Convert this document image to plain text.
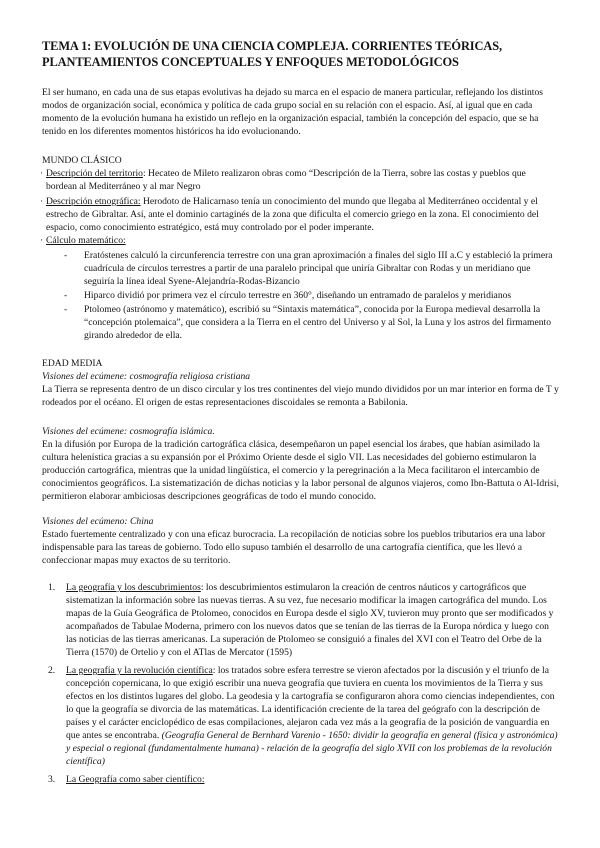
TEMA 1: EVOLUCIÓN DE UNA CIENCIA COMPLEJA. CORRIENTES TEÓRICAS, PLANTEAMIENTOS CONCEPTUALES Y ENFOQUES METODOLÓGICOS

El ser humano, en cada una de sus etapas evolutivas ha dejado su marca en el espacio de manera particular, reflejando los distintos modos de organización social, económica y política de cada grupo social en su relación con el espacio. Así, al igual que en cada momento de la evolución humana ha existido un reflejo en la organización espacial, también la concepción del espacio, que se ha tenido en los diferentes momentos históricos ha ido evolucionando.

MUNDO CLÁSICO

· Descripción del territorio: Hecateo de Mileto realizaron obras como “Descripción de la Tierra, sobre las costas y pueblos que bordean al Mediterráneo y al mar Negro

· Descripción etnográfica: Herodoto de Halicarnaso tenía un conocimiento del mundo que llegaba al Mediterráneo occidental y el estrecho de Gibraltar. Así, ante el dominio cartaginés de la zona que dificulta el comercio griego en la zona. El conocimiento del espacio, como conocimiento estratégico, está muy controlado por el poder imperante.

· Cálculo matemático:

- Eratóstenes calculó la circunferencia terrestre con una gran aproximación a finales del siglo III a.C y estableció la primera cuadrícula de círculos terrestres a partir de una paralelo principal que uniría Gibraltar con Rodas y un meridiano que seguiría la línea ideal Syene-Alejandría-Rodas-Bizancio

- Hiparco dividió por primera vez el círculo terrestre en 360°, diseñando un entramado de paralelos y meridianos

- Ptolomeo (astrónomo y matemático), escribió su “Sintaxis matemática”, conocida por la Europa medieval desarrolla la “concepción ptolemaica”, que considera a la Tierra en el centro del Universo y al Sol, la Luna y los astros del firmamento girando alrededor de ella.

EDAD MEDIA

Visiones del ecúmene: cosmografía religiosa cristiana

La Tierra se representa dentro de un disco circular y los tres continentes del viejo mundo divididos por un mar interior en forma de T y rodeados por el océano. El origen de estas representaciones discoidales se remonta a Babilonia.

Visiones del ecúmene: cosmografía islámica.

En la difusión por Europa de la tradición cartográfica clásica, desempeñaron un papel esencial los árabes, que habían asimilado la cultura helenística gracias a su expansión por el Próximo Oriente desde el siglo VII. Las necesidades del gobierno estimularon la producción cartográfica, mientras que la unidad lingüística, el comercio y la peregrinación a la Meca facilitaron el intercambio de conocimientos geográficos. La sistematización de dichas noticias y la labor personal de algunos viajeros, como Ibn-Battuta o Al-Idrisi, permitieron elaborar ambiciosas descripciones geográficas de todo el mundo conocido.

Visiones del ecúmeno: China

Estado fuertemente centralizado y con una eficaz burocracia. La recopilación de noticias sobre los pueblos tributarios era una labor indispensable para las tareas de gobierno. Todo ello supuso también el desarrollo de una cartografía científica, que les llevó a confeccionar mapas muy exactos de su territorio.

1. La geografía y los descubrimientos: los descubrimientos estimularon la creación de centros náuticos y cartográficos que sistematizan la información sobre las nuevas tierras. A su vez, fue necesario modificar la imagen cartográfica del mundo. Los mapas de la Guía Geográfica de Ptolomeo, conocidos en Europa desde el siglo XV, tuvieron muy pronto que ser modificados y acompañados de Tabulae Moderna, primero con los nuevos datos que se tenían de las tierras de la Europa nórdica y luego con las noticias de las tierras americanas. La superación de Ptolomeo se consiguió a finales del XVI con el Teatro del Orbe de la Tierra (1570) de Ortelio y con el ATlas de Mercator (1595)

2. La geografía y la revolución científica: los tratados sobre esfera terrestre se vieron afectados por la discusión y el triunfo de la concepción copernicana, lo que exigió escribir una nueva geografía que tuviera en cuenta los movimientos de la Tierra y sus efectos en los distintos lugares del globo. La geodesia y la cartografía se configuraron ahora como ciencias independientes, con lo que la geografía se divorcia de las matemáticas. La identificación creciente de la tarea del geógrafo con la descripción de países y el carácter enciclopédico de esas compilaciones, alejaron cada vez más a la geografía de la posición de vanguardia en que antes se encontraba. (Geografía General de Bernhard Varenio - 1650: dividir la geografía en general (física y astronómica) y especial o regional (fundamentalmente humana) - relación de la geografía del siglo XVII con los problemas de la revolución científica)

3. La Geografía como saber científico:
